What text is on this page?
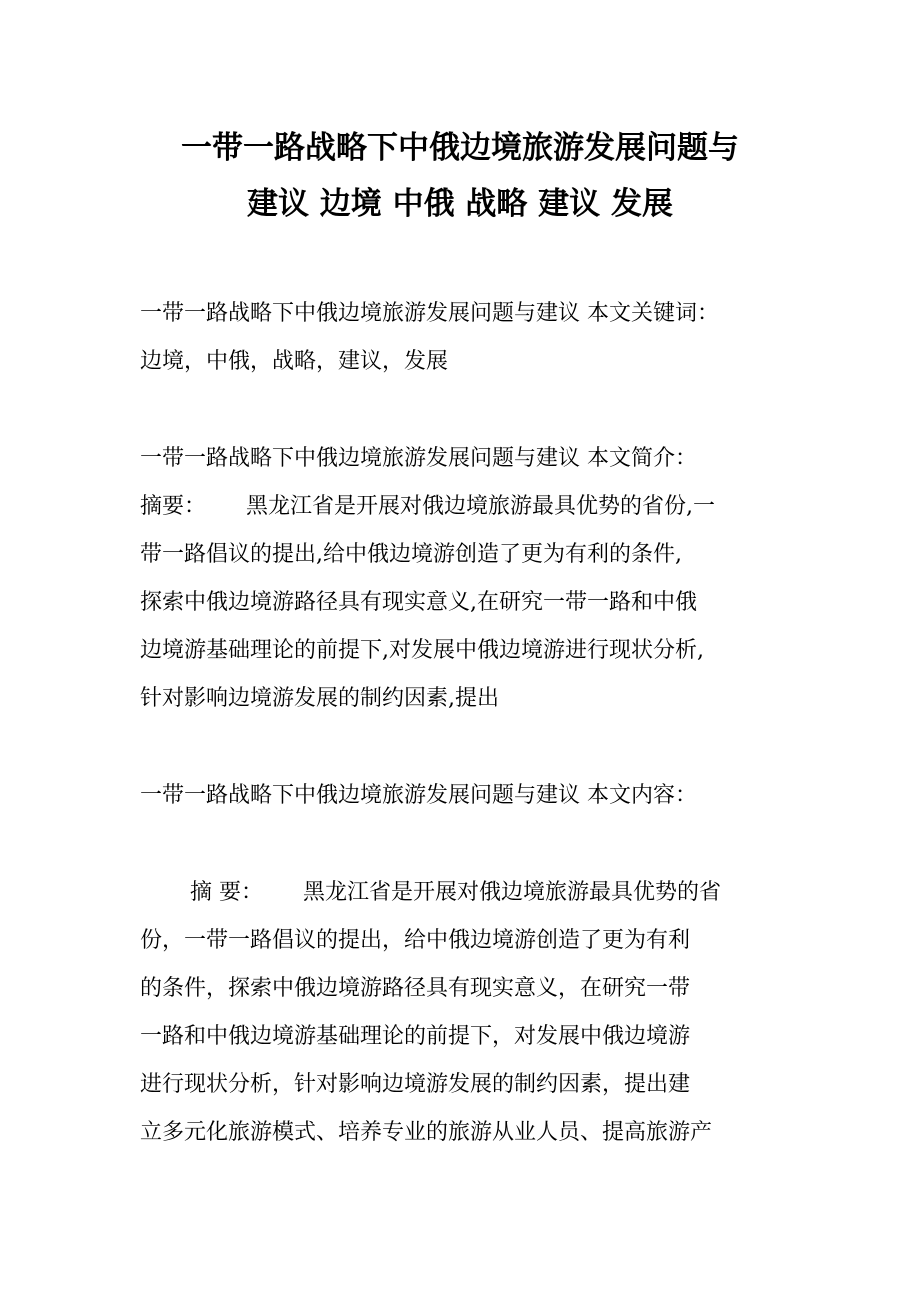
一带一路战略下中俄边境旅游发展问题与
建议 边境 中俄 战略 建议 发展
一带一路战略下中俄边境旅游发展问题与建议 本文关键词：
边境，中俄，战略，建议，发展
一带一路战略下中俄边境旅游发展问题与建议 本文简介：
摘要： 黑龙江省是开展对俄边境旅游最具优势的省份,一
带一路倡议的提出,给中俄边境游创造了更为有利的条件,
探索中俄边境游路径具有现实意义,在研究一带一路和中俄
边境游基础理论的前提下,对发展中俄边境游进行现状分析,
针对影响边境游发展的制约因素,提出
一带一路战略下中俄边境旅游发展问题与建议 本文内容：
摘 要： 黑龙江省是开展对俄边境旅游最具优势的省
份，一带一路倡议的提出，给中俄边境游创造了更为有利
的条件，探索中俄边境游路径具有现实意义，在研究一带
一路和中俄边境游基础理论的前提下，对发展中俄边境游
进行现状分析，针对影响边境游发展的制约因素，提出建
立多元化旅游模式、培养专业的旅游从业人员、提高旅游产
